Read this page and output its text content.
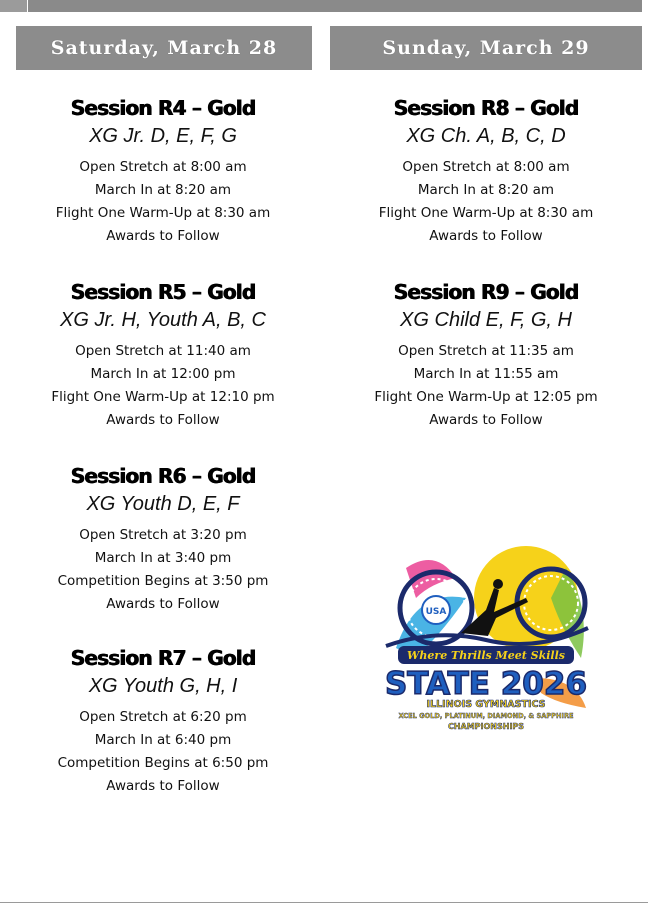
Saturday, March 28	Sunday, March 29
Session R4 – Gold
XG Jr. D, E, F, G
Open Stretch at 8:00 am
March In at 8:20 am
Flight One Warm-Up at 8:30 am
Awards to Follow
Session R5 – Gold
XG Jr. H, Youth A, B, C
Open Stretch at 11:40 am
March In at 12:00 pm
Flight One Warm-Up at 12:10 pm
Awards to Follow
Session R6 – Gold
XG Youth D, E, F
Open Stretch at 3:20 pm
March In at 3:40 pm
Competition Begins at 3:50 pm
Awards to Follow
Session R7 – Gold
XG Youth G, H, I
Open Stretch at 6:20 pm
March In at 6:40 pm
Competition Begins at 6:50 pm
Awards to Follow
Session R8 – Gold
XG Ch. A, B, C, D
Open Stretch at 8:00 am
March In at 8:20 am
Flight One Warm-Up at 8:30 am
Awards to Follow
Session R9 – Gold
XG Child E, F, G, H
Open Stretch at 11:35 am
March In at 11:55 am
Flight One Warm-Up at 12:05 pm
Awards to Follow
USA
Where Thrills Meet Skills
STATE 2026
ILLINOIS GYMNASTICS
XCEL GOLD, PLATINUM, DIAMOND, & SAPPHIRE
CHAMPIONSHIPS
